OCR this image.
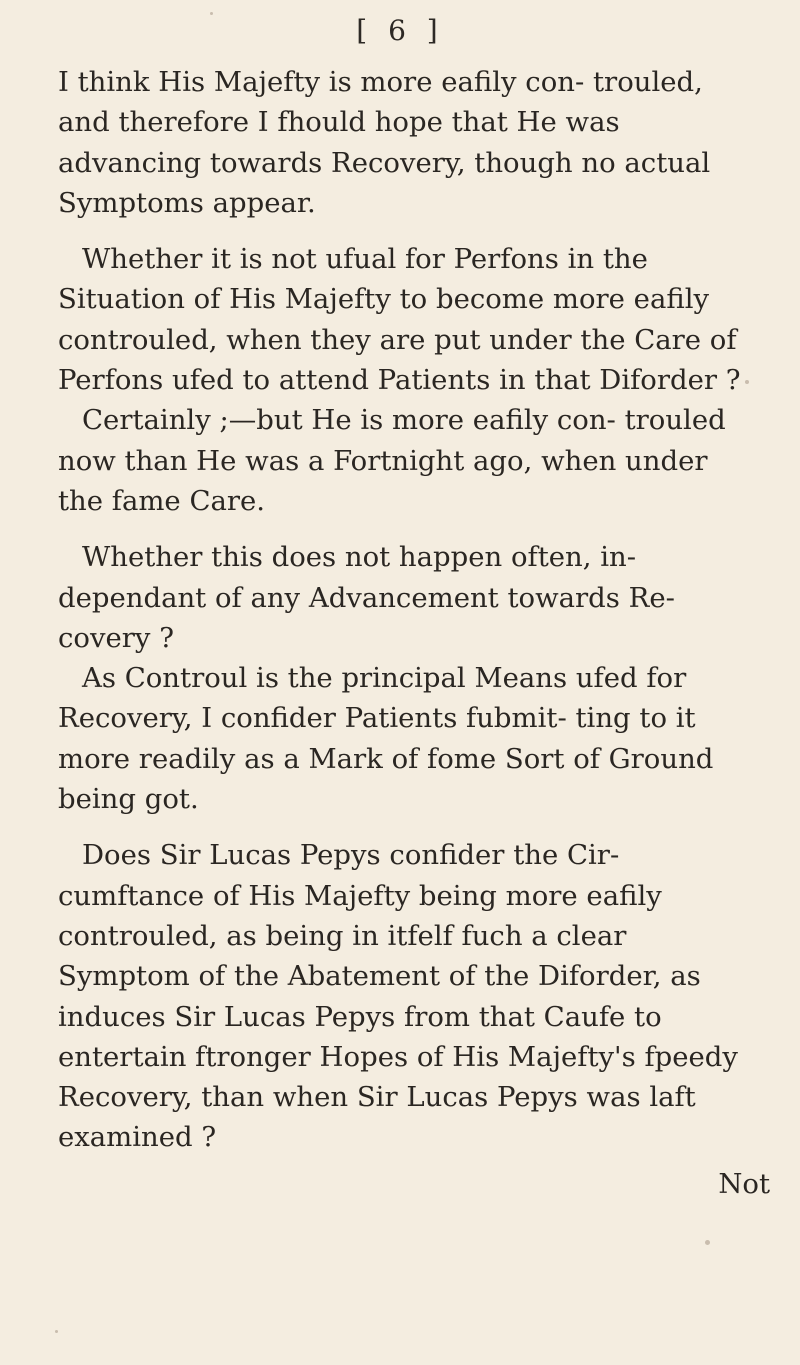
[ 6 ]

I think His Majefty is more eafily con- trouled, and therefore I fhould hope that He was advancing towards Recovery, though no actual Symptoms appear.

Whether it is not ufual for Perfons in the Situation of His Majefty to become more eafily controuled, when they are put under the Care of Perfons ufed to attend Patients in that Diforder ?

Certainly ;—but He is more eafily con- trouled now than He was a Fortnight ago, when under the fame Care.

Whether this does not happen often, in- dependant of any Advancement towards Re- covery ?

As Controul is the principal Means ufed for Recovery, I confider Patients fubmit- ting to it more readily as a Mark of fome Sort of Ground being got.

Does Sir Lucas Pepys confider the Cir- cumftance of His Majefty being more eafily controuled, as being in itfelf fuch a clear Symptom of the Abatement of the Diforder, as induces Sir Lucas Pepys from that Caufe to entertain ftronger Hopes of His Majefty's fpeedy Recovery, than when Sir Lucas Pepys was laft examined ?

Not
